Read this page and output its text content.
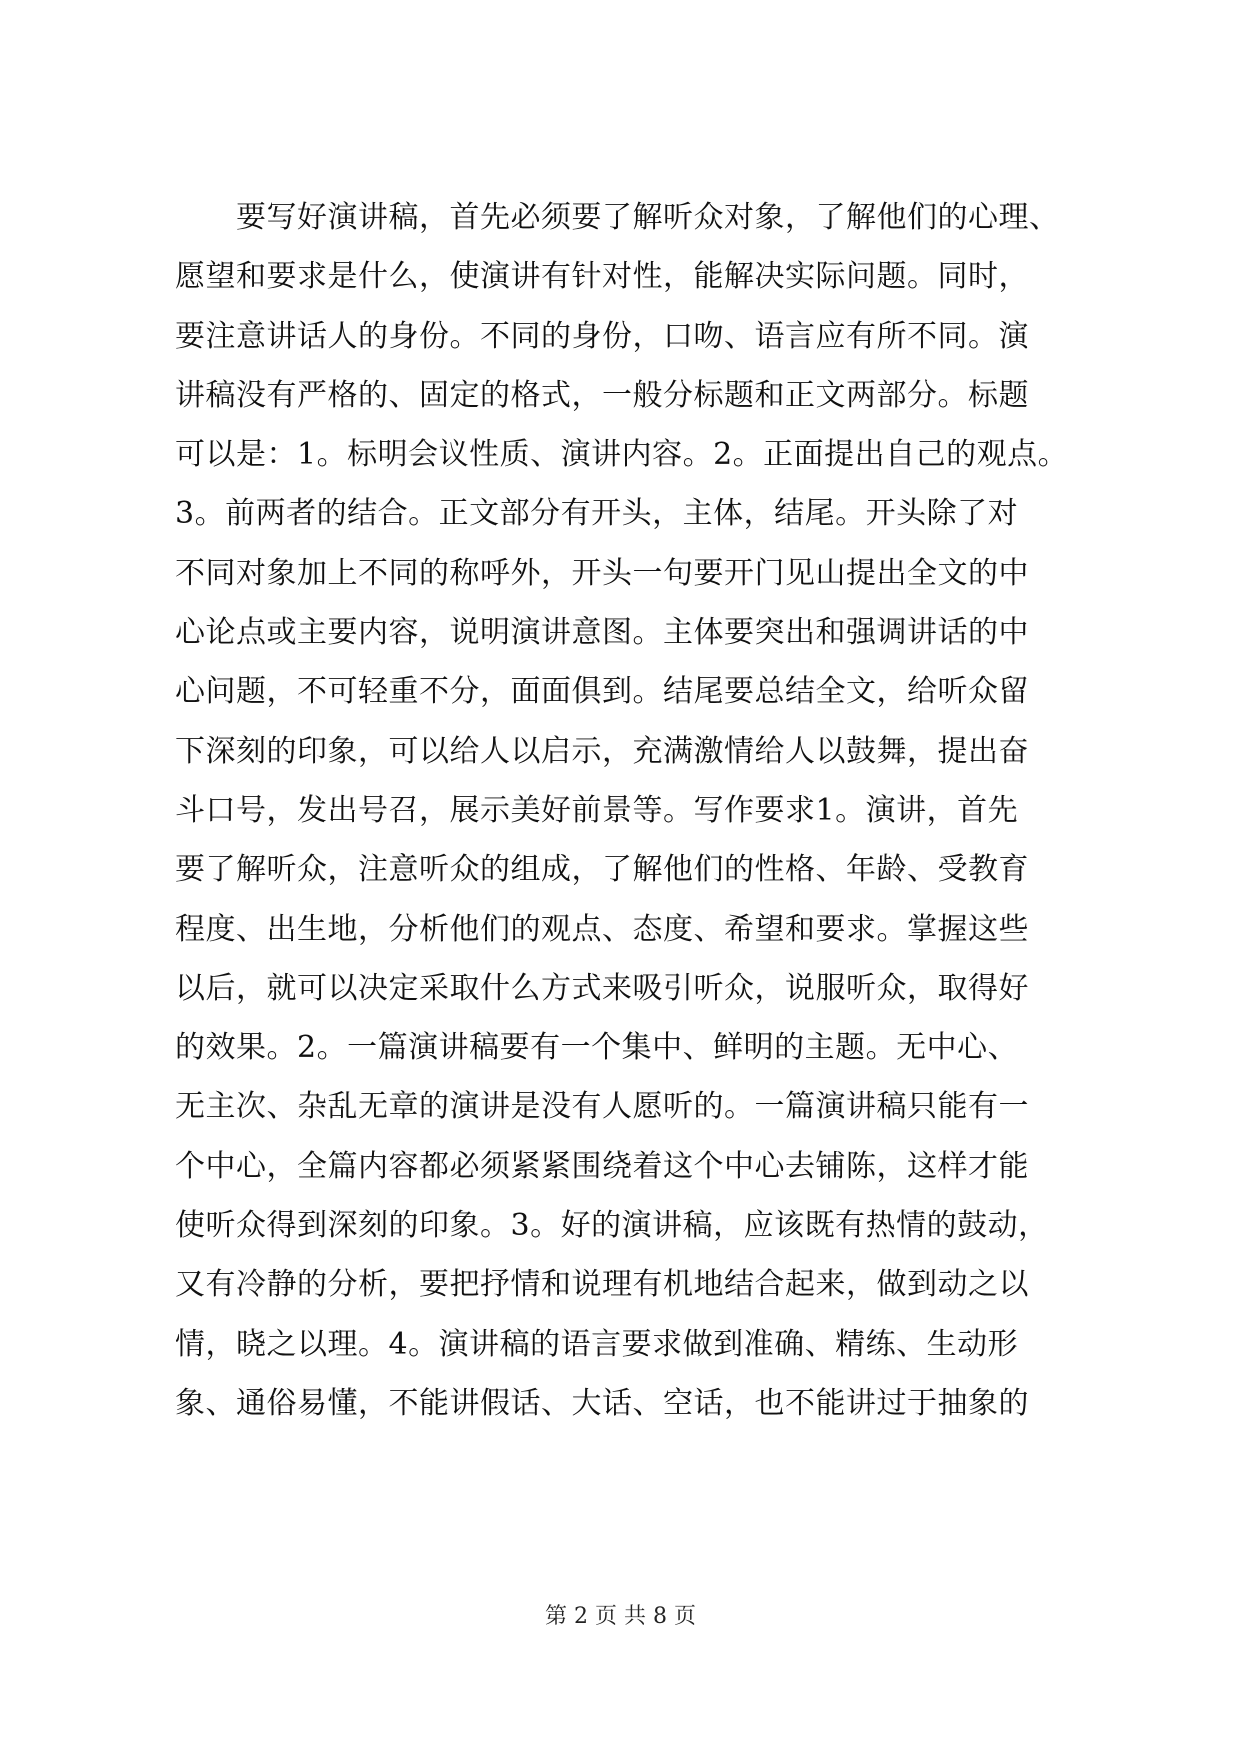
　　要写好演讲稿，首先必须要了解听众对象，了解他们的心理、
愿望和要求是什么，使演讲有针对性，能解决实际问题。同时，
要注意讲话人的身份。不同的身份，口吻、语言应有所不同。演
讲稿没有严格的、固定的格式，一般分标题和正文两部分。标题
可以是：1。标明会议性质、演讲内容。2。正面提出自己的观点。
3。前两者的结合。正文部分有开头，主体，结尾。开头除了对
不同对象加上不同的称呼外，开头一句要开门见山提出全文的中
心论点或主要内容，说明演讲意图。主体要突出和强调讲话的中
心问题，不可轻重不分，面面俱到。结尾要总结全文，给听众留
下深刻的印象，可以给人以启示，充满激情给人以鼓舞，提出奋
斗口号，发出号召，展示美好前景等。写作要求1。演讲，首先
要了解听众，注意听众的组成，了解他们的性格、年龄、受教育
程度、出生地，分析他们的观点、态度、希望和要求。掌握这些
以后，就可以决定采取什么方式来吸引听众，说服听众，取得好
的效果。2。一篇演讲稿要有一个集中、鲜明的主题。无中心、
无主次、杂乱无章的演讲是没有人愿听的。一篇演讲稿只能有一
个中心，全篇内容都必须紧紧围绕着这个中心去铺陈，这样才能
使听众得到深刻的印象。3。好的演讲稿，应该既有热情的鼓动，
又有冷静的分析，要把抒情和说理有机地结合起来，做到动之以
情，晓之以理。4。演讲稿的语言要求做到准确、精练、生动形
象、通俗易懂，不能讲假话、大话、空话，也不能讲过于抽象的
第 2 页 共 8 页
